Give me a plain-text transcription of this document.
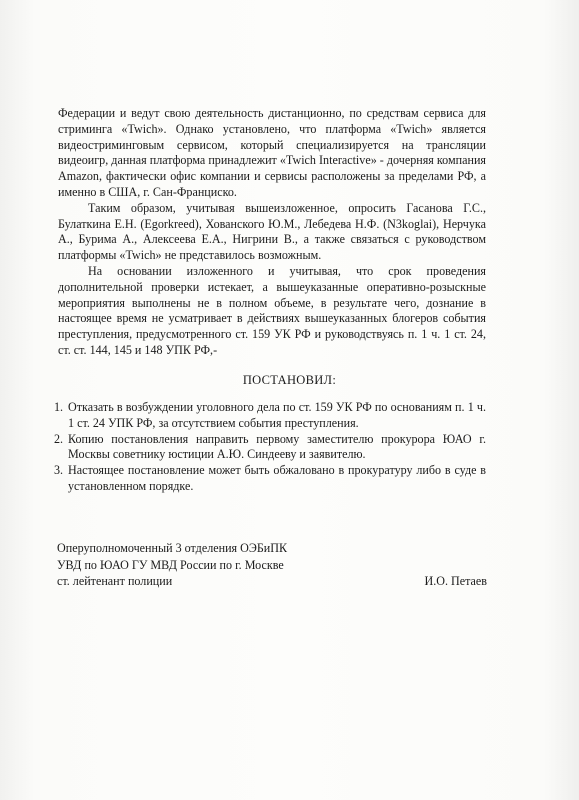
Федерации и ведут свою деятельность дистанционно, по средствам сервиса для стриминга «Twich». Однако установлено, что платформа «Twich» является видеостриминговым сервисом, который специализируется на трансляции видеоигр, данная платформа принадлежит «Twich Interactive» - дочерняя компания Amazon, фактически офис компании и сервисы расположены за пределами РФ, а именно в США, г. Сан-Франциско.

Таким образом, учитывая вышеизложенное, опросить Гасанова Г.С., Булаткина Е.Н. (Egorkreed), Хованского Ю.М., Лебедева Н.Ф. (N3koglai), Нерчука А., Бурима А., Алексеева Е.А., Нигрини В., а также связаться с руководством платформы «Twich» не представилось возможным.

На основании изложенного и учитывая, что срок проведения дополнительной проверки истекает, а вышеуказанные оперативно-розыскные мероприятия выполнены не в полном объеме, в результате чего, дознание в настоящее время не усматривает в действиях вышеуказанных блогеров события преступления, предусмотренного ст. 159 УК РФ и руководствуясь п. 1 ч. 1 ст. 24, ст. ст. 144, 145 и 148 УПК РФ,-

ПОСТАНОВИЛ:
1. Отказать в возбуждении уголовного дела по ст. 159 УК РФ по основаниям п. 1 ч. 1 ст. 24 УПК РФ, за отсутствием события преступления.
2. Копию постановления направить первому заместителю прокурора ЮАО г. Москвы советнику юстиции А.Ю. Синдееву и заявителю.
3. Настоящее постановление может быть обжаловано в прокуратуру либо в суде в установленном порядке.
Оперуполномоченный 3 отделения ОЭБиПК
УВД по ЮАО ГУ МВД России по г. Москве
ст. лейтенант полиции	И.О. Петаев
